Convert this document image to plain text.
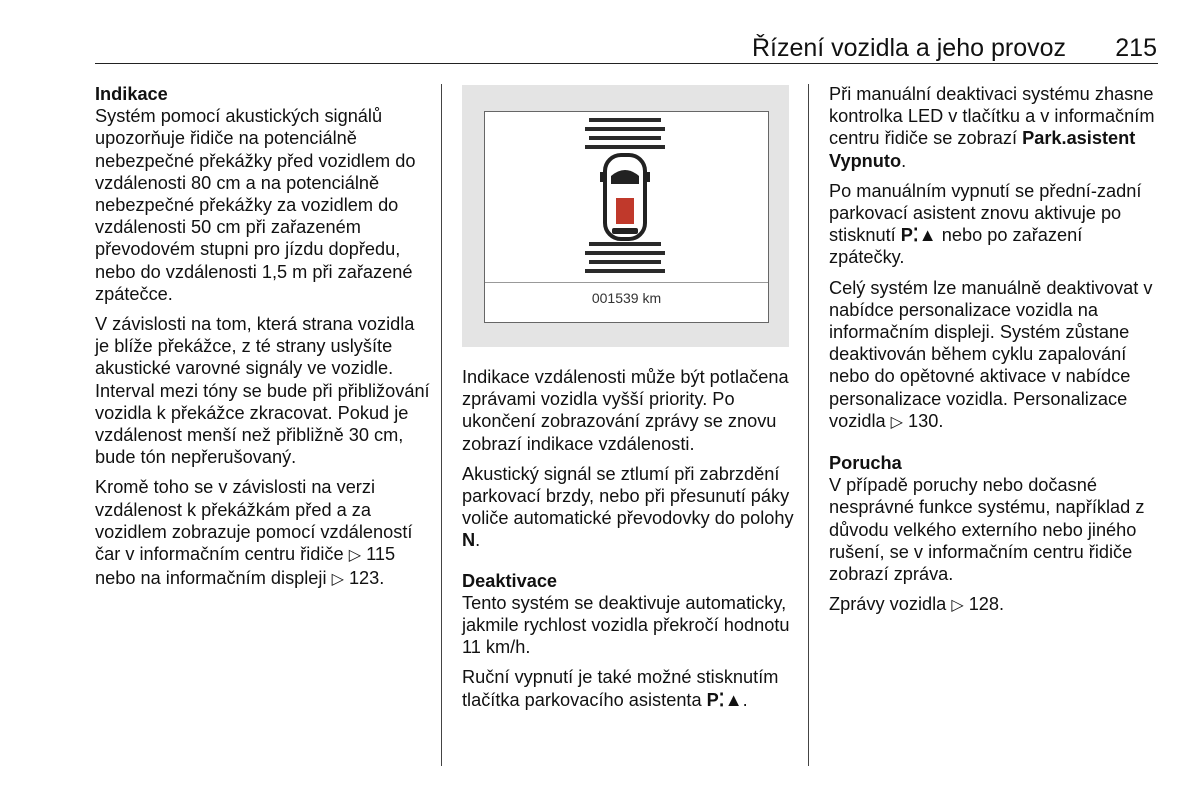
Řízení vozidla a jeho provoz	215
Indikace

Systém pomocí akustických signálů upozorňuje řidiče na potenciálně nebezpečné překážky před vozidlem do vzdálenosti 80 cm a na potenciálně nebezpečné překážky za vozidlem do vzdálenosti 50 cm při zařazeném převodovém stupni pro jízdu dopředu, nebo do vzdálenosti 1,5 m při zařazené zpátečce.

V závislosti na tom, která strana vozidla je blíže překážce, z té strany uslyšíte akustické varovné signály ve vozidle. Interval mezi tóny se bude při přibližování vozidla k překážce zkracovat. Pokud je vzdálenost menší než přibližně 30 cm, bude tón nepřerušovaný.

Kromě toho se v závislosti na verzi vzdálenost k překážkám před a za vozidlem zobrazuje pomocí vzdáleností čar v informačním centru řidiče ▷ 115 nebo na informačním displeji ▷ 123.

001539 km

Indikace vzdálenosti může být potlačena zprávami vozidla vyšší priority. Po ukončení zobrazování zprávy se znovu zobrazí indikace vzdálenosti.

Akustický signál se ztlumí při zabrzdění parkovací brzdy, nebo při přesunutí páky voliče automatické převodovky do polohy N.

Deaktivace

Tento systém se deaktivuje automaticky, jakmile rychlost vozidla překročí hodnotu 11 km/h.

Ruční vypnutí je také možné stisknutím tlačítka parkovacího asistenta P⁚▲.

Při manuální deaktivaci systému zhasne kontrolka LED v tlačítku a v informačním centru řidiče se zobrazí Park.asistent Vypnuto.

Po manuálním vypnutí se přední-zadní parkovací asistent znovu aktivuje po stisknutí P⁚▲ nebo po zařazení zpátečky.

Celý systém lze manuálně deaktivovat v nabídce personalizace vozidla na informačním displeji. Systém zůstane deaktivován během cyklu zapalování nebo do opětovné aktivace v nabídce personalizace vozidla. Personalizace vozidla ▷ 130.

Porucha

V případě poruchy nebo dočasné nesprávné funkce systému, například z důvodu velkého externího nebo jiného rušení, se v informačním centru řidiče zobrazí zpráva.

Zprávy vozidla ▷ 128.
